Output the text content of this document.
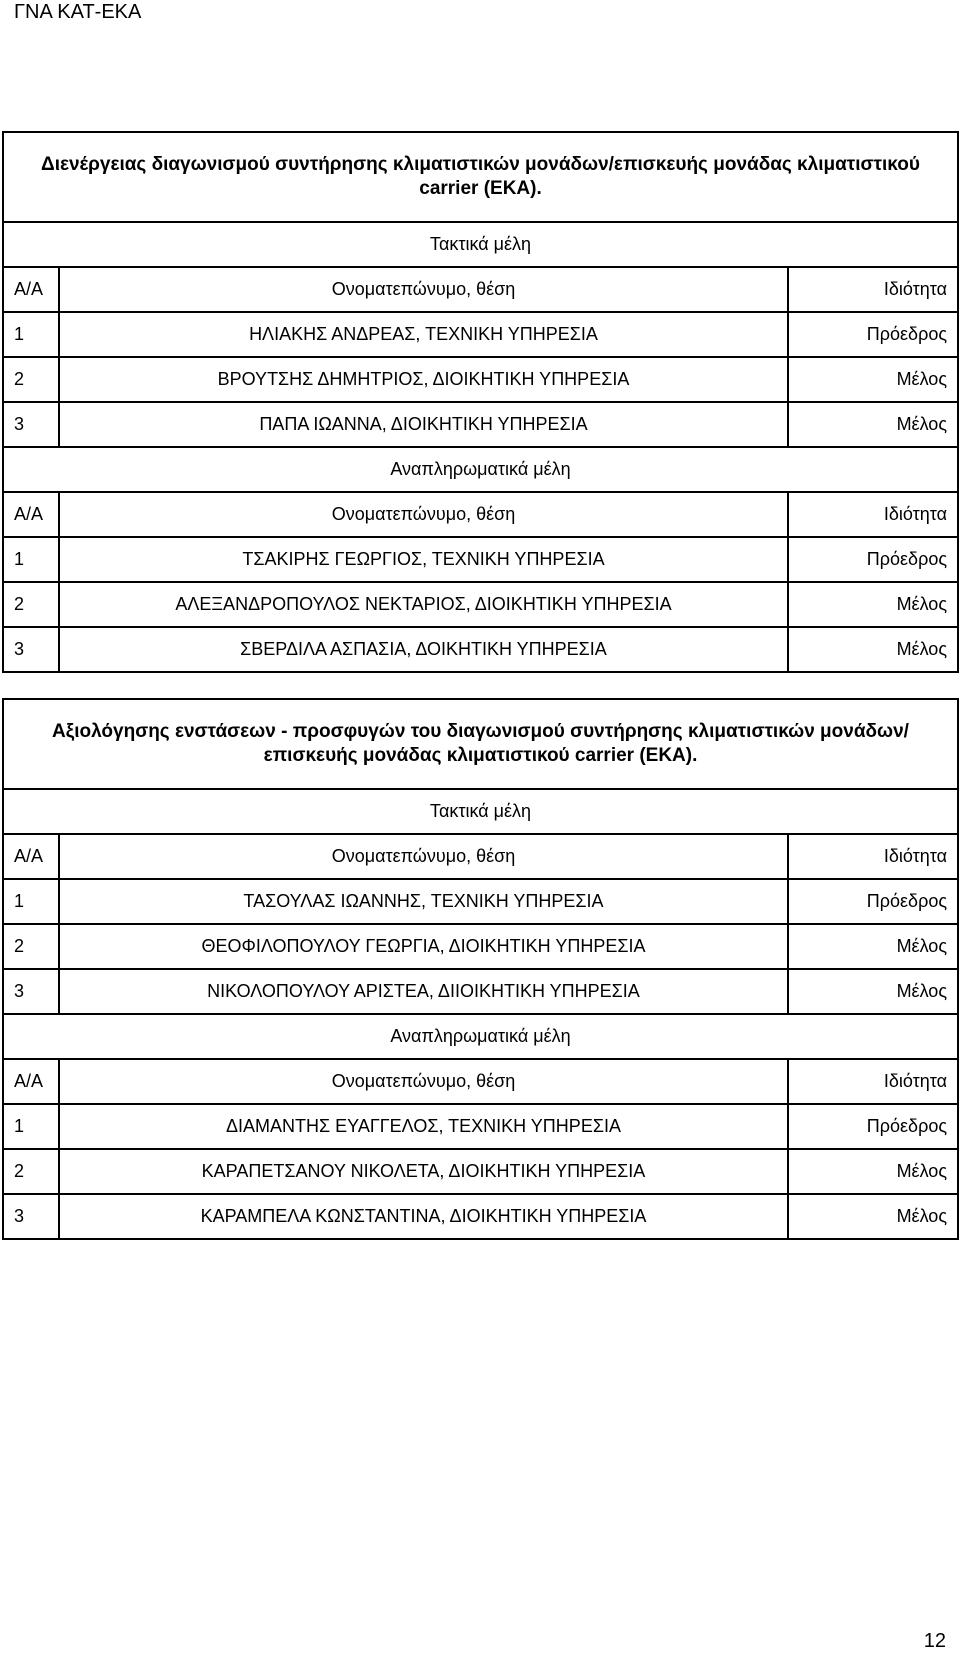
ΓΝΑ ΚΑΤ-ΕΚΑ
Διενέργειας διαγωνισμού συντήρησης κλιματιστικών μονάδων/επισκευής μονάδας κλιματιστικού carrier (ΕΚΑ).		
Τακτικά μέλη		
Α/Α	Ονοματεπώνυμο, θέση	Ιδιότητα
1	ΗΛΙΑΚΗΣ ΑΝΔΡΕΑΣ, ΤΕΧΝΙΚΗ ΥΠΗΡΕΣΙΑ	Πρόεδρος
2	ΒΡΟΥΤΣΗΣ ΔΗΜΗΤΡΙΟΣ, ΔΙΟΙΚΗΤΙΚΗ ΥΠΗΡΕΣΙΑ	Μέλος
3	ΠΑΠΑ ΙΩΑΝΝΑ, ΔΙΟΙΚΗΤΙΚΗ ΥΠΗΡΕΣΙΑ	Μέλος
Αναπληρωματικά μέλη		
Α/Α	Ονοματεπώνυμο, θέση	Ιδιότητα
1	ΤΣΑΚΙΡΗΣ ΓΕΩΡΓΙΟΣ, ΤΕΧΝΙΚΗ ΥΠΗΡΕΣΙΑ	Πρόεδρος
2	ΑΛΕΞΑΝΔΡΟΠΟΥΛΟΣ ΝΕΚΤΑΡΙΟΣ, ΔΙΟΙΚΗΤΙΚΗ ΥΠΗΡΕΣΙΑ	Μέλος
3	ΣΒΕΡΔΙΛΑ ΑΣΠΑΣΙΑ, ΔΟΙΚΗΤΙΚΗ ΥΠΗΡΕΣΙΑ	Μέλος
Αξιολόγησης ενστάσεων - προσφυγών του διαγωνισμού συντήρησης κλιματιστικών μονάδων/επισκευής μονάδας κλιματιστικού carrier (ΕΚΑ).		
Τακτικά μέλη		
Α/Α	Ονοματεπώνυμο, θέση	Ιδιότητα
1	ΤΑΣΟΥΛΑΣ ΙΩΑΝΝΗΣ, ΤΕΧΝΙΚΗ ΥΠΗΡΕΣΙΑ	Πρόεδρος
2	ΘΕΟΦΙΛΟΠΟΥΛΟΥ ΓΕΩΡΓΙΑ, ΔΙΟΙΚΗΤΙΚΗ ΥΠΗΡΕΣΙΑ	Μέλος
3	ΝΙΚΟΛΟΠΟΥΛΟΥ ΑΡΙΣΤΕΑ, ΔΙΙΟΙΚΗΤΙΚΗ ΥΠΗΡΕΣΙΑ	Μέλος
Αναπληρωματικά μέλη		
Α/Α	Ονοματεπώνυμο, θέση	Ιδιότητα
1	ΔΙΑΜΑΝΤΗΣ ΕΥΑΓΓΕΛΟΣ, ΤΕΧΝΙΚΗ ΥΠΗΡΕΣΙΑ	Πρόεδρος
2	ΚΑΡΑΠΕΤΣΑΝΟΥ ΝΙΚΟΛΕΤΑ, ΔΙΟΙΚΗΤΙΚΗ ΥΠΗΡΕΣΙΑ	Μέλος
3	ΚΑΡΑΜΠΕΛΑ ΚΩΝΣΤΑΝΤΙΝΑ, ΔΙΟΙΚΗΤΙΚΗ ΥΠΗΡΕΣΙΑ	Μέλος
12
